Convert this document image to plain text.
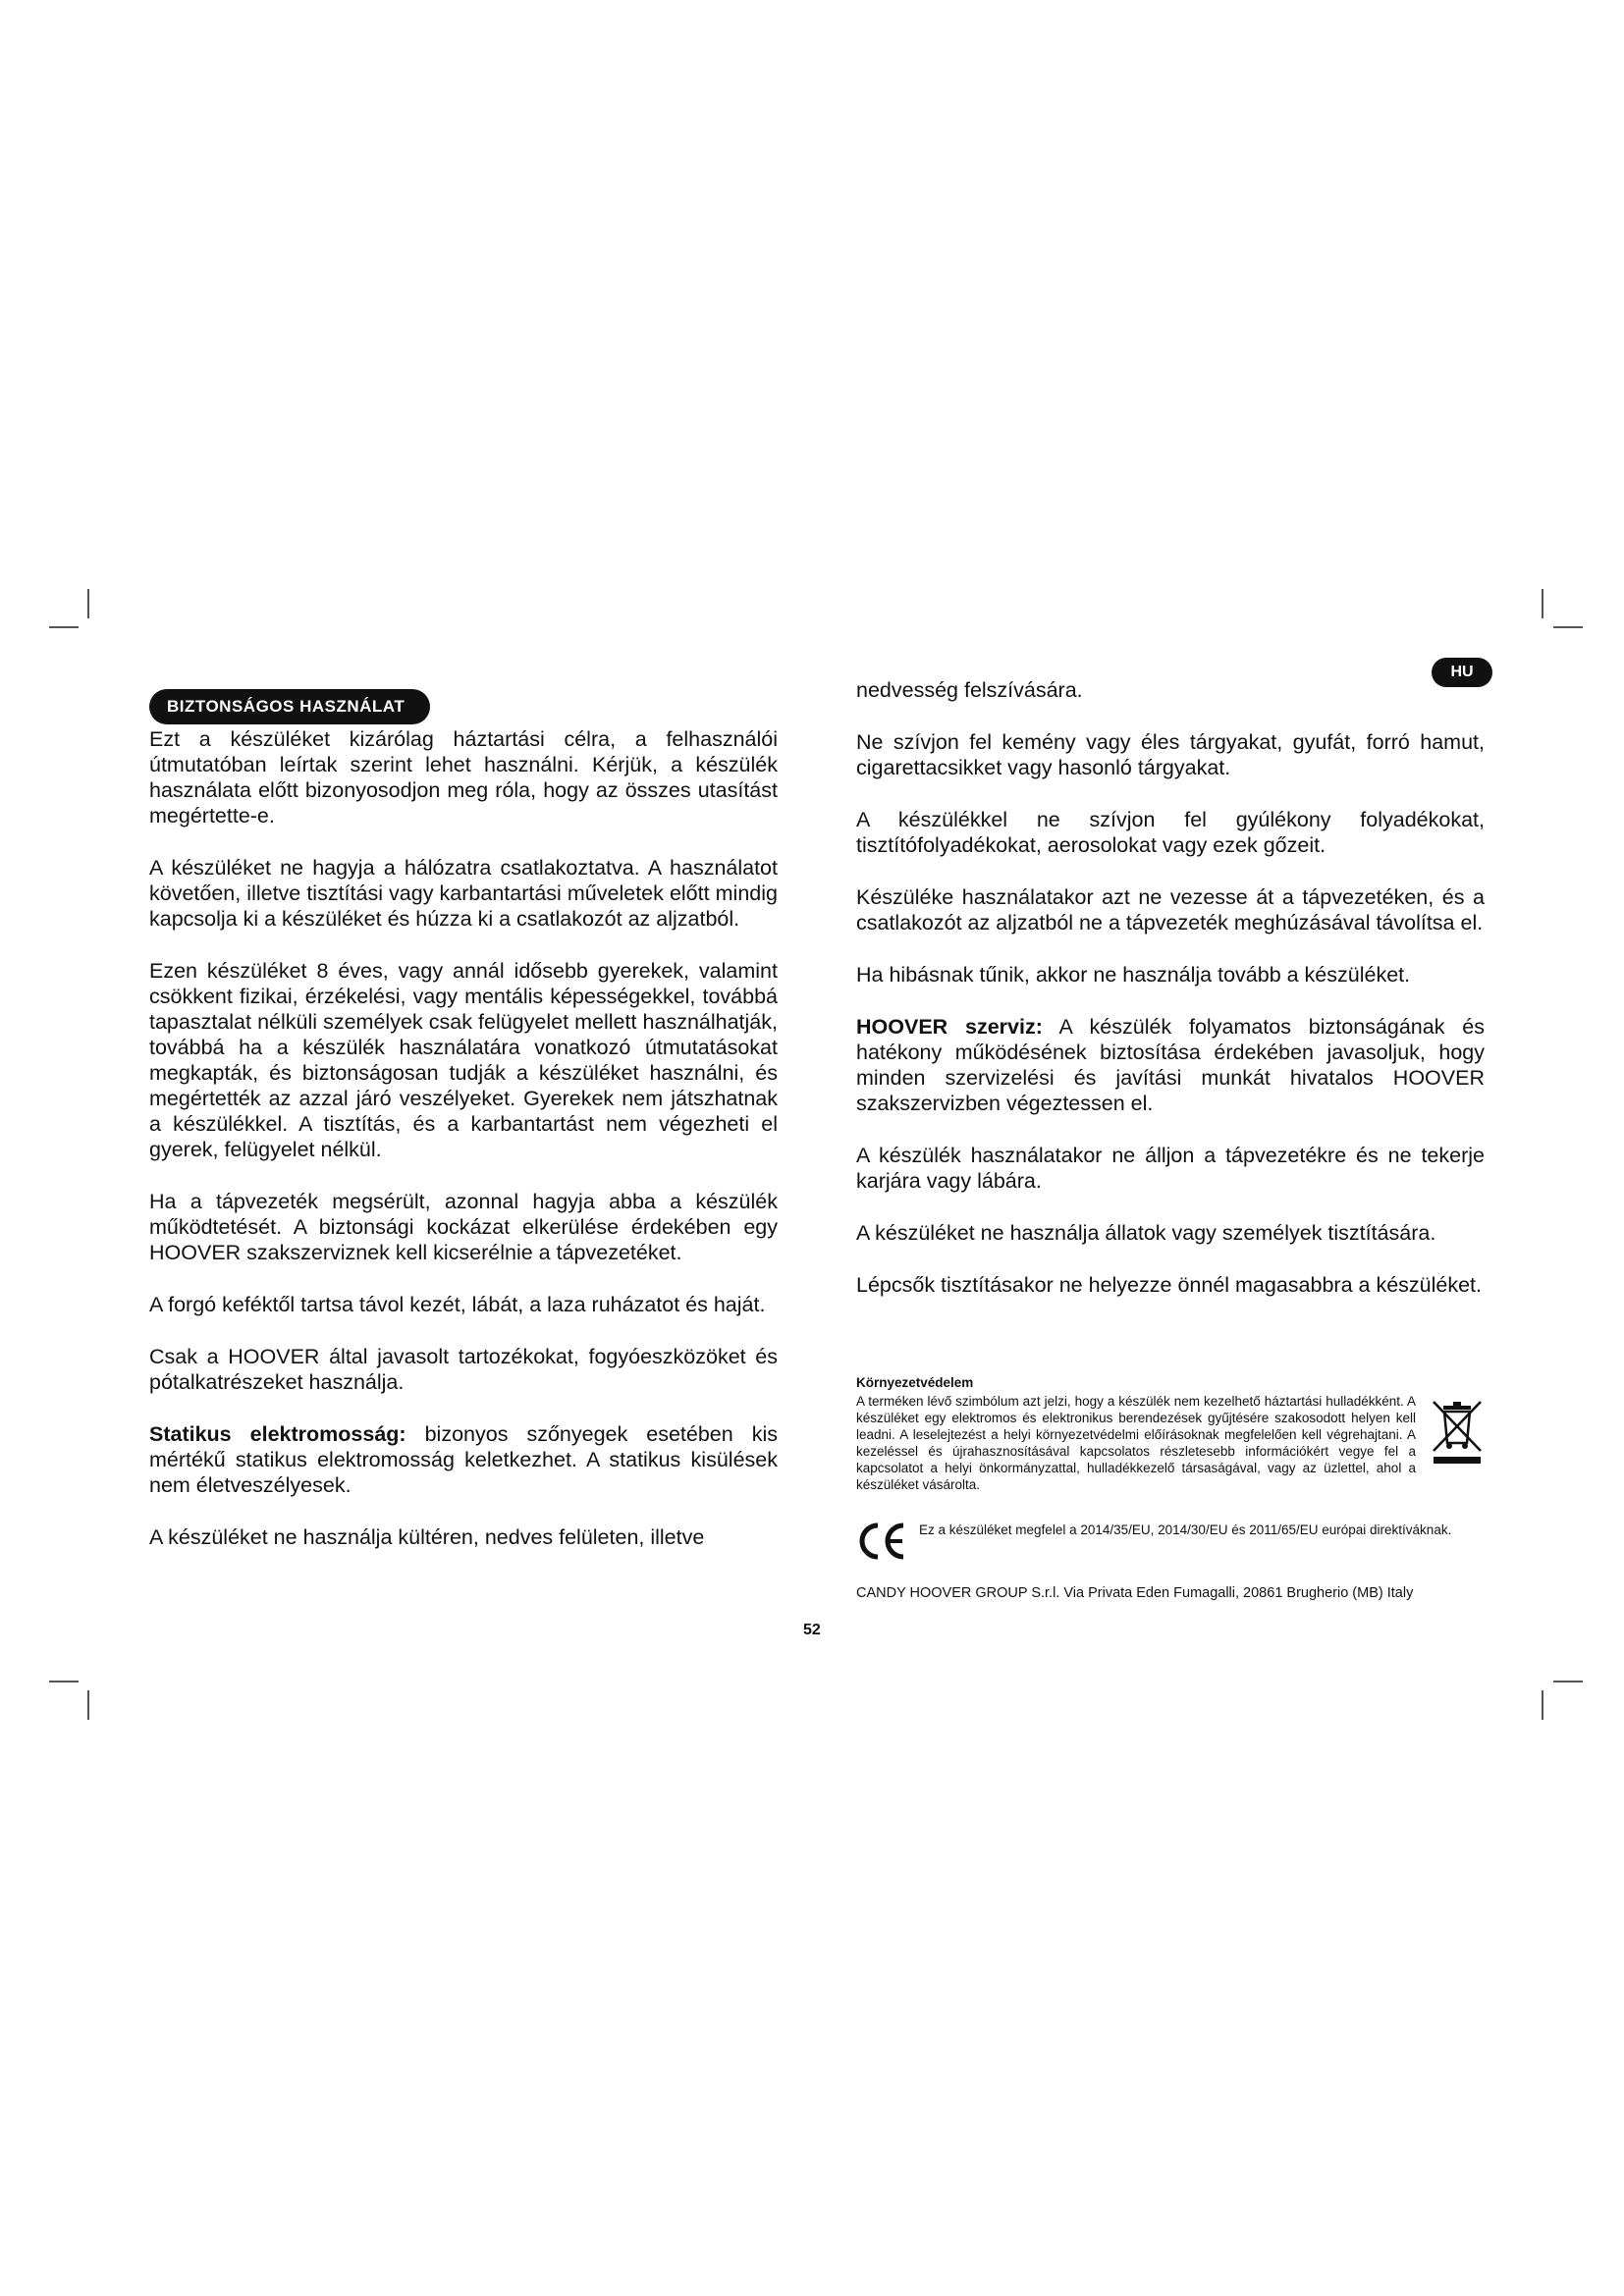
BIZTONSÁGOS HASZNÁLAT
HU

Ezt a készüléket kizárólag háztartási célra, a felhasználói útmutatóban leírtak szerint lehet használni. Kérjük, a készülék használata előtt bizonyosodjon meg róla, hogy az összes utasítást megértette-e.

A készüléket ne hagyja a hálózatra csatlakoztatva. A használatot követően, illetve tisztítási vagy karbantartási műveletek előtt mindig kapcsolja ki a készüléket és húzza ki a csatlakozót az aljzatból.

Ezen készüléket 8 éves, vagy annál idősebb gyerekek, valamint csökkent fizikai, érzékelési, vagy mentális képességekkel, továbbá tapasztalat nélküli személyek csak felügyelet mellett használhatják, továbbá ha a készülék használatára vonatkozó útmutatásokat megkapták, és biztonságosan tudják a készüléket használni, és megértették az azzal járó veszélyeket. Gyerekek nem játszhatnak a készülékkel. A tisztítás, és a karbantartást nem végezheti el gyerek, felügyelet nélkül.

Ha a tápvezeték megsérült, azonnal hagyja abba a készülék működtetését. A biztonsági kockázat elkerülése érdekében egy HOOVER szakszerviznek kell kicserélnie a tápvezetéket.

A forgó keféktől tartsa távol kezét, lábát, a laza ruházatot és haját.

Csak a HOOVER által javasolt tartozékokat, fogyóeszközöket és pótalkatrészeket használja.

Statikus elektromosság: bizonyos szőnyegek esetében kis mértékű statikus elektromosság keletkezhet. A statikus kisülések nem életveszélyesek.

A készüléket ne használja kültéren, nedves felületen, illetve

nedvesség felszívására.

Ne szívjon fel kemény vagy éles tárgyakat, gyufát, forró hamut, cigarettacsikket vagy hasonló tárgyakat.

A készülékkel ne szívjon fel gyúlékony folyadékokat, tisztítófolyadékokat, aerosolokat vagy ezek gőzeit.

Készüléke használatakor azt ne vezesse át a tápvezetéken, és a csatlakozót az aljzatból ne a tápvezeték meghúzásával távolítsa el.

Ha hibásnak tűnik, akkor ne használja tovább a készüléket.

HOOVER szerviz: A készülék folyamatos biztonságának és hatékony működésének biztosítása érdekében javasoljuk, hogy minden szervizelési és javítási munkát hivatalos HOOVER szakszervizben végeztessen el.

A készülék használatakor ne álljon a tápvezetékre és ne tekerje karjára vagy lábára.

A készüléket ne használja állatok vagy személyek tisztítására.

Lépcsők tisztításakor ne helyezze önnél magasabbra a készüléket.

Környezetvédelem
A terméken lévő szimbólum azt jelzi, hogy a készülék nem kezelhető háztartási hulladékként. A készüléket egy elektromos és elektronikus berendezések gyűjtésére szakosodott helyen kell leadni. A leselejtezést a helyi környezetvédelmi előírásoknak megfelelően kell végrehajtani. A kezeléssel és újrahasznosításával kapcsolatos részletesebb információkért vegye fel a kapcsolatot a helyi önkormányzattal, hulladékkezelő társaságával, vagy az üzlettel, ahol a készüléket vásárolta.
Ez a készüléket megfelel a 2014/35/EU, 2014/30/EU és 2011/65/EU európai direktíváknak.
CANDY HOOVER GROUP S.r.l. Via Privata Eden Fumagalli, 20861 Brugherio (MB) Italy
52
